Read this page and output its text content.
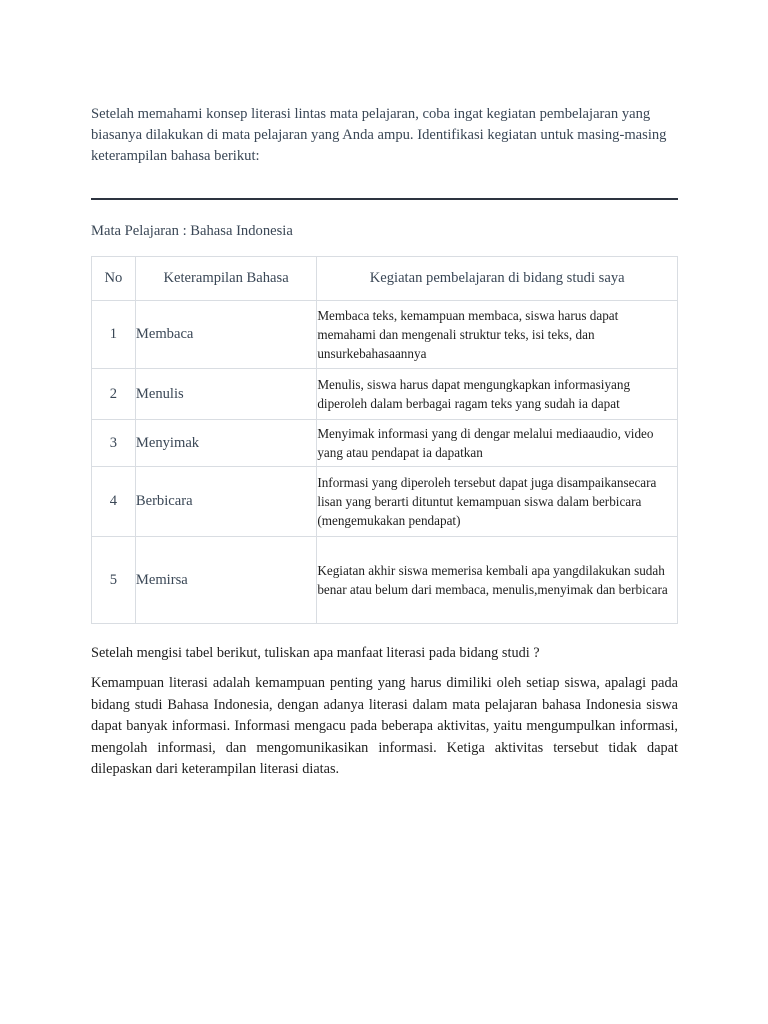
Setelah memahami konsep literasi lintas mata pelajaran, coba ingat kegiatan pembelajaran yang biasanya dilakukan di mata pelajaran yang Anda ampu. Identifikasi kegiatan untuk masing-masing keterampilan bahasa berikut:

Mata Pelajaran : Bahasa Indonesia
No	Keterampilan Bahasa	Kegiatan pembelajaran di bidang studi saya
1	Membaca	Membaca teks, kemampuan membaca, siswa harus dapat memahami dan mengenali struktur teks, isi teks, dan unsurkebahasaannya

2	Menulis	Menulis, siswa harus dapat mengungkapkan informasiyang diperoleh dalam berbagai ragam teks yang sudah ia dapat

3	Menyimak	Menyimak informasi yang di dengar melalui mediaaudio, video yang atau pendapat ia dapatkan

4	Berbicara	Informasi yang diperoleh tersebut dapat juga disampaikansecara lisan yang berarti dituntut kemampuan siswa dalam berbicara (mengemukakan pendapat)

5	Memirsa	Kegiatan akhir siswa memerisa kembali apa yangdilakukan sudah benar atau belum dari membaca, menulis,menyimak dan berbicara
Setelah mengisi tabel berikut, tuliskan apa manfaat literasi pada bidang studi ?

Kemampuan literasi adalah kemampuan penting yang harus dimiliki oleh setiap siswa, apalagi pada bidang studi Bahasa Indonesia, dengan adanya literasi dalam mata pelajaran bahasa Indonesia siswa dapat banyak informasi. Informasi mengacu pada beberapa aktivitas, yaitu mengumpulkan informasi, mengolah informasi, dan mengomunikasikan informasi. Ketiga aktivitas tersebut tidak dapat dilepaskan dari keterampilan literasi diatas.
